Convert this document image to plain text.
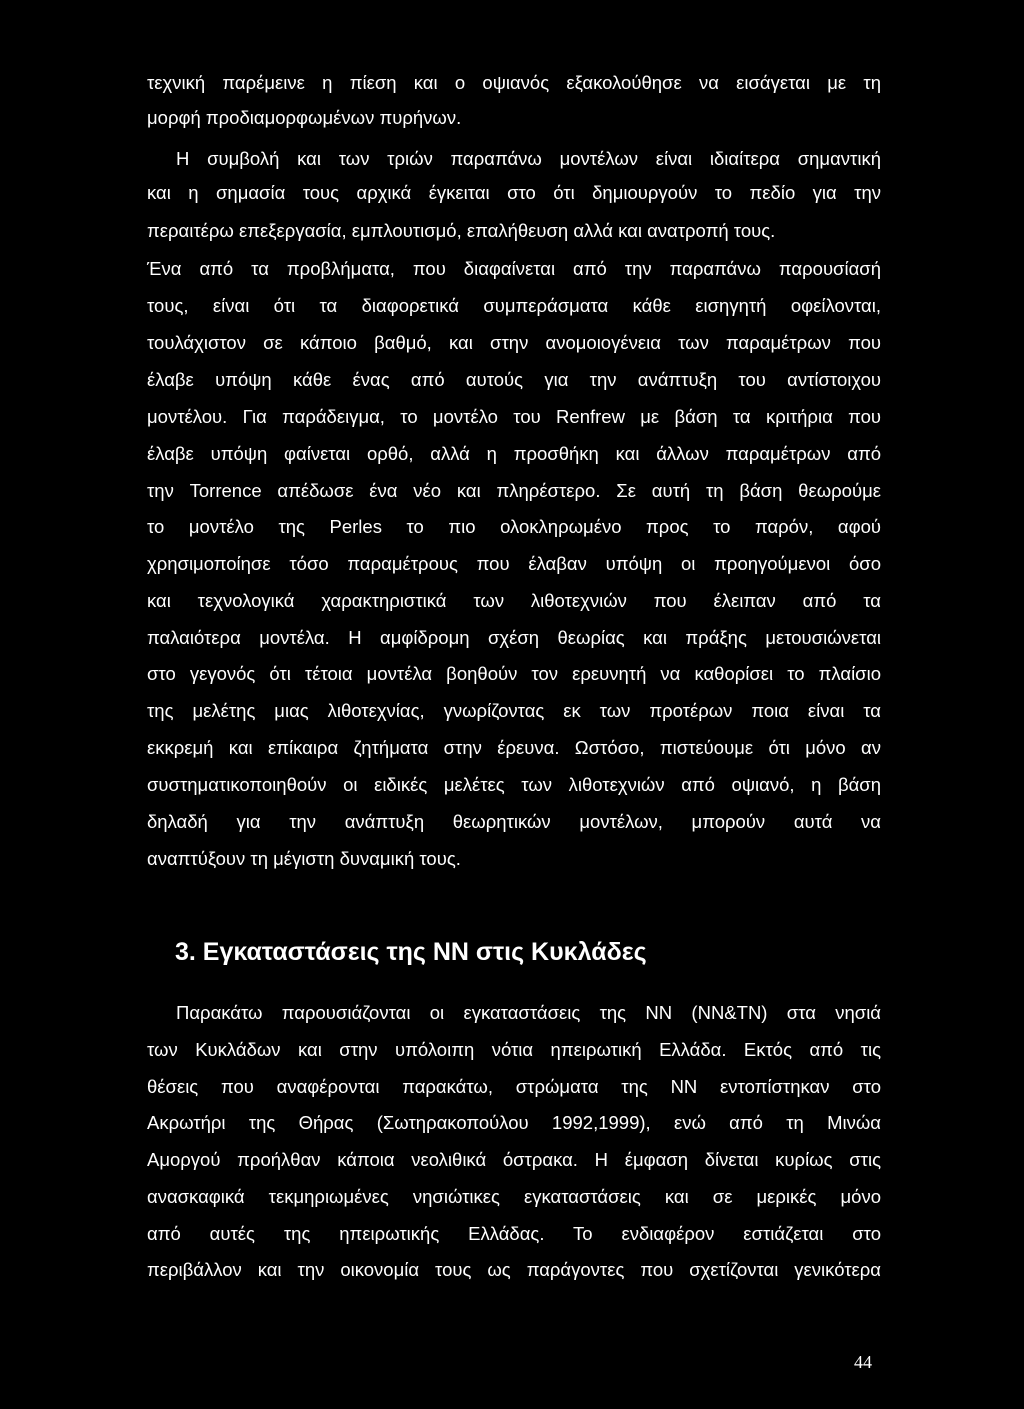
τεχνική παρέμεινε η πίεση και ο οψιανός εξακολούθησε να εισάγεται με τη
μορφή προδιαμορφωμένων πυρήνων.
Η συμβολή και των τριών παραπάνω μοντέλων είναι ιδιαίτερα σημαντική
και η σημασία τους αρχικά έγκειται στο ότι δημιουργούν το πεδίο για την
περαιτέρω επεξεργασία, εμπλουτισμό, επαλήθευση αλλά και ανατροπή τους.
Ένα από τα προβλήματα, που διαφαίνεται από την παραπάνω παρουσίασή
τους, είναι ότι τα διαφορετικά συμπεράσματα κάθε εισηγητή οφείλονται,
τουλάχιστον σε κάποιο βαθμό, και στην ανομοιογένεια των παραμέτρων που
έλαβε υπόψη κάθε ένας από αυτούς για την ανάπτυξη του αντίστοιχου
μοντέλου. Για παράδειγμα, το μοντέλο του Renfrew με βάση τα κριτήρια που
έλαβε υπόψη φαίνεται ορθό, αλλά η προσθήκη και άλλων παραμέτρων από
την Torrence απέδωσε ένα νέο και πληρέστερο. Σε αυτή τη βάση θεωρούμε
το μοντέλο της Perles το πιο ολοκληρωμένο προς το παρόν, αφού
χρησιμοποίησε τόσο παραμέτρους που έλαβαν υπόψη οι προηγούμενοι όσο
και τεχνολογικά χαρακτηριστικά των λιθοτεχνιών που έλειπαν από τα
παλαιότερα μοντέλα. Η αμφίδρομη σχέση θεωρίας και πράξης μετουσιώνεται
στο γεγονός ότι τέτοια μοντέλα βοηθούν τον ερευνητή να καθορίσει το πλαίσιο
της μελέτης μιας λιθοτεχνίας, γνωρίζοντας εκ των προτέρων ποια είναι τα
εκκρεμή και επίκαιρα ζητήματα στην έρευνα. Ωστόσο, πιστεύουμε ότι μόνο αν
συστηματικοποιηθούν οι ειδικές μελέτες των λιθοτεχνιών από οψιανό, η βάση
δηλαδή για την ανάπτυξη θεωρητικών μοντέλων, μπορούν αυτά να
αναπτύξουν τη μέγιστη δυναμική τους.
3. Εγκαταστάσεις της ΝΝ στις Κυκλάδες
Παρακάτω παρουσιάζονται οι εγκαταστάσεις της ΝΝ (ΝΝ&ΤΝ) στα νησιά
των Κυκλάδων και στην υπόλοιπη νότια ηπειρωτική Ελλάδα. Εκτός από τις
θέσεις που αναφέρονται παρακάτω, στρώματα της ΝΝ εντοπίστηκαν στο
Ακρωτήρι της Θήρας (Σωτηρακοπούλου 1992,1999), ενώ από τη Μινώα
Αμοργού προήλθαν κάποια νεολιθικά όστρακα. Η έμφαση δίνεται κυρίως στις
ανασκαφικά τεκμηριωμένες νησιώτικες εγκαταστάσεις και σε μερικές μόνο
από αυτές της ηπειρωτικής Ελλάδας. Το ενδιαφέρον εστιάζεται στο
περιβάλλον και την οικονομία τους ως παράγοντες που σχετίζονται γενικότερα
44
